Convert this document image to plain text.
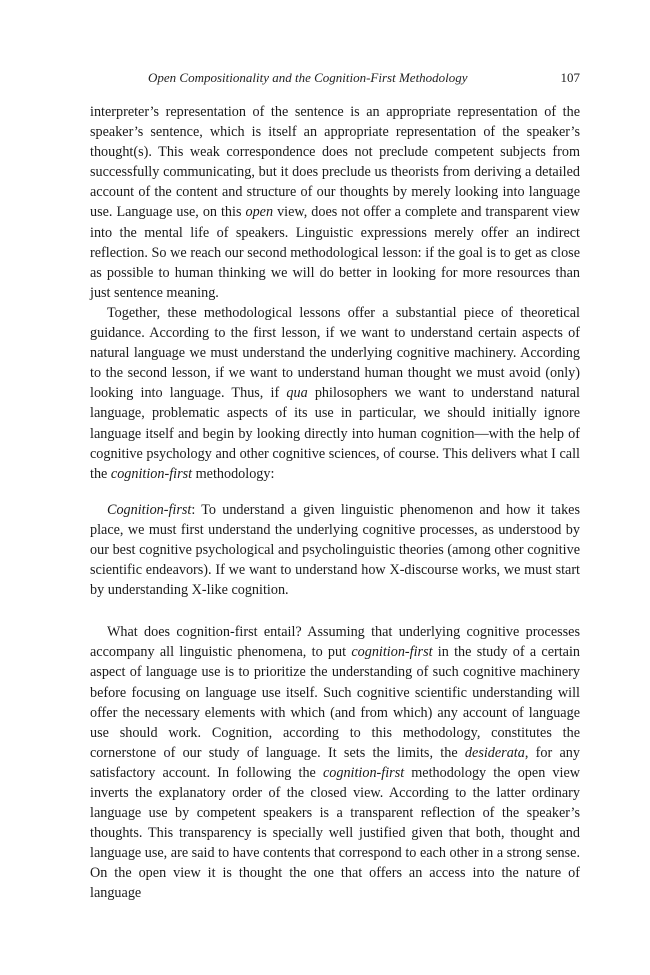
Open Compositionality and the Cognition-First Methodology	107

interpreter’s representation of the sentence is an appropriate representation of the speaker’s sentence, which is itself an appropriate representation of the speaker’s thought(s). This weak correspondence does not preclude competent subjects from successfully communicating, but it does preclude us theorists from deriving a detailed account of the content and structure of our thoughts by merely looking into language use. Language use, on this open view, does not offer a complete and transparent view into the mental life of speakers. Linguistic expressions merely offer an indirect reflection. So we reach our second methodological lesson: if the goal is to get as close as possible to human thinking we will do better in looking for more resources than just sentence meaning.

Together, these methodological lessons offer a substantial piece of theoretical guidance. According to the first lesson, if we want to understand certain aspects of natural language we must understand the underlying cognitive machinery. According to the second lesson, if we want to understand human thought we must avoid (only) looking into language. Thus, if qua philosophers we want to understand natural language, problematic aspects of its use in particular, we should initially ignore language itself and begin by looking directly into human cognition—with the help of cognitive psychology and other cognitive sciences, of course. This delivers what I call the cognition-first methodology:

Cognition-first: To understand a given linguistic phenomenon and how it takes place, we must first understand the underlying cognitive processes, as understood by our best cognitive psychological and psycholinguistic theories (among other cognitive scientific endeavors). If we want to understand how X-discourse works, we must start by understanding X-like cognition.

What does cognition-first entail? Assuming that underlying cognitive processes accompany all linguistic phenomena, to put cognition-first in the study of a certain aspect of language use is to prioritize the understanding of such cognitive machinery before focusing on language use itself. Such cognitive scientific understanding will offer the necessary elements with which (and from which) any account of language use should work. Cognition, according to this methodology, constitutes the cornerstone of our study of language. It sets the limits, the desiderata, for any satisfactory account. In following the cognition-first methodology the open view inverts the explanatory order of the closed view. According to the latter ordinary language use by competent speakers is a transparent reflection of the speaker’s thoughts. This transparency is specially well justified given that both, thought and language use, are said to have contents that correspond to each other in a strong sense. On the open view it is thought the one that offers an access into the nature of language
